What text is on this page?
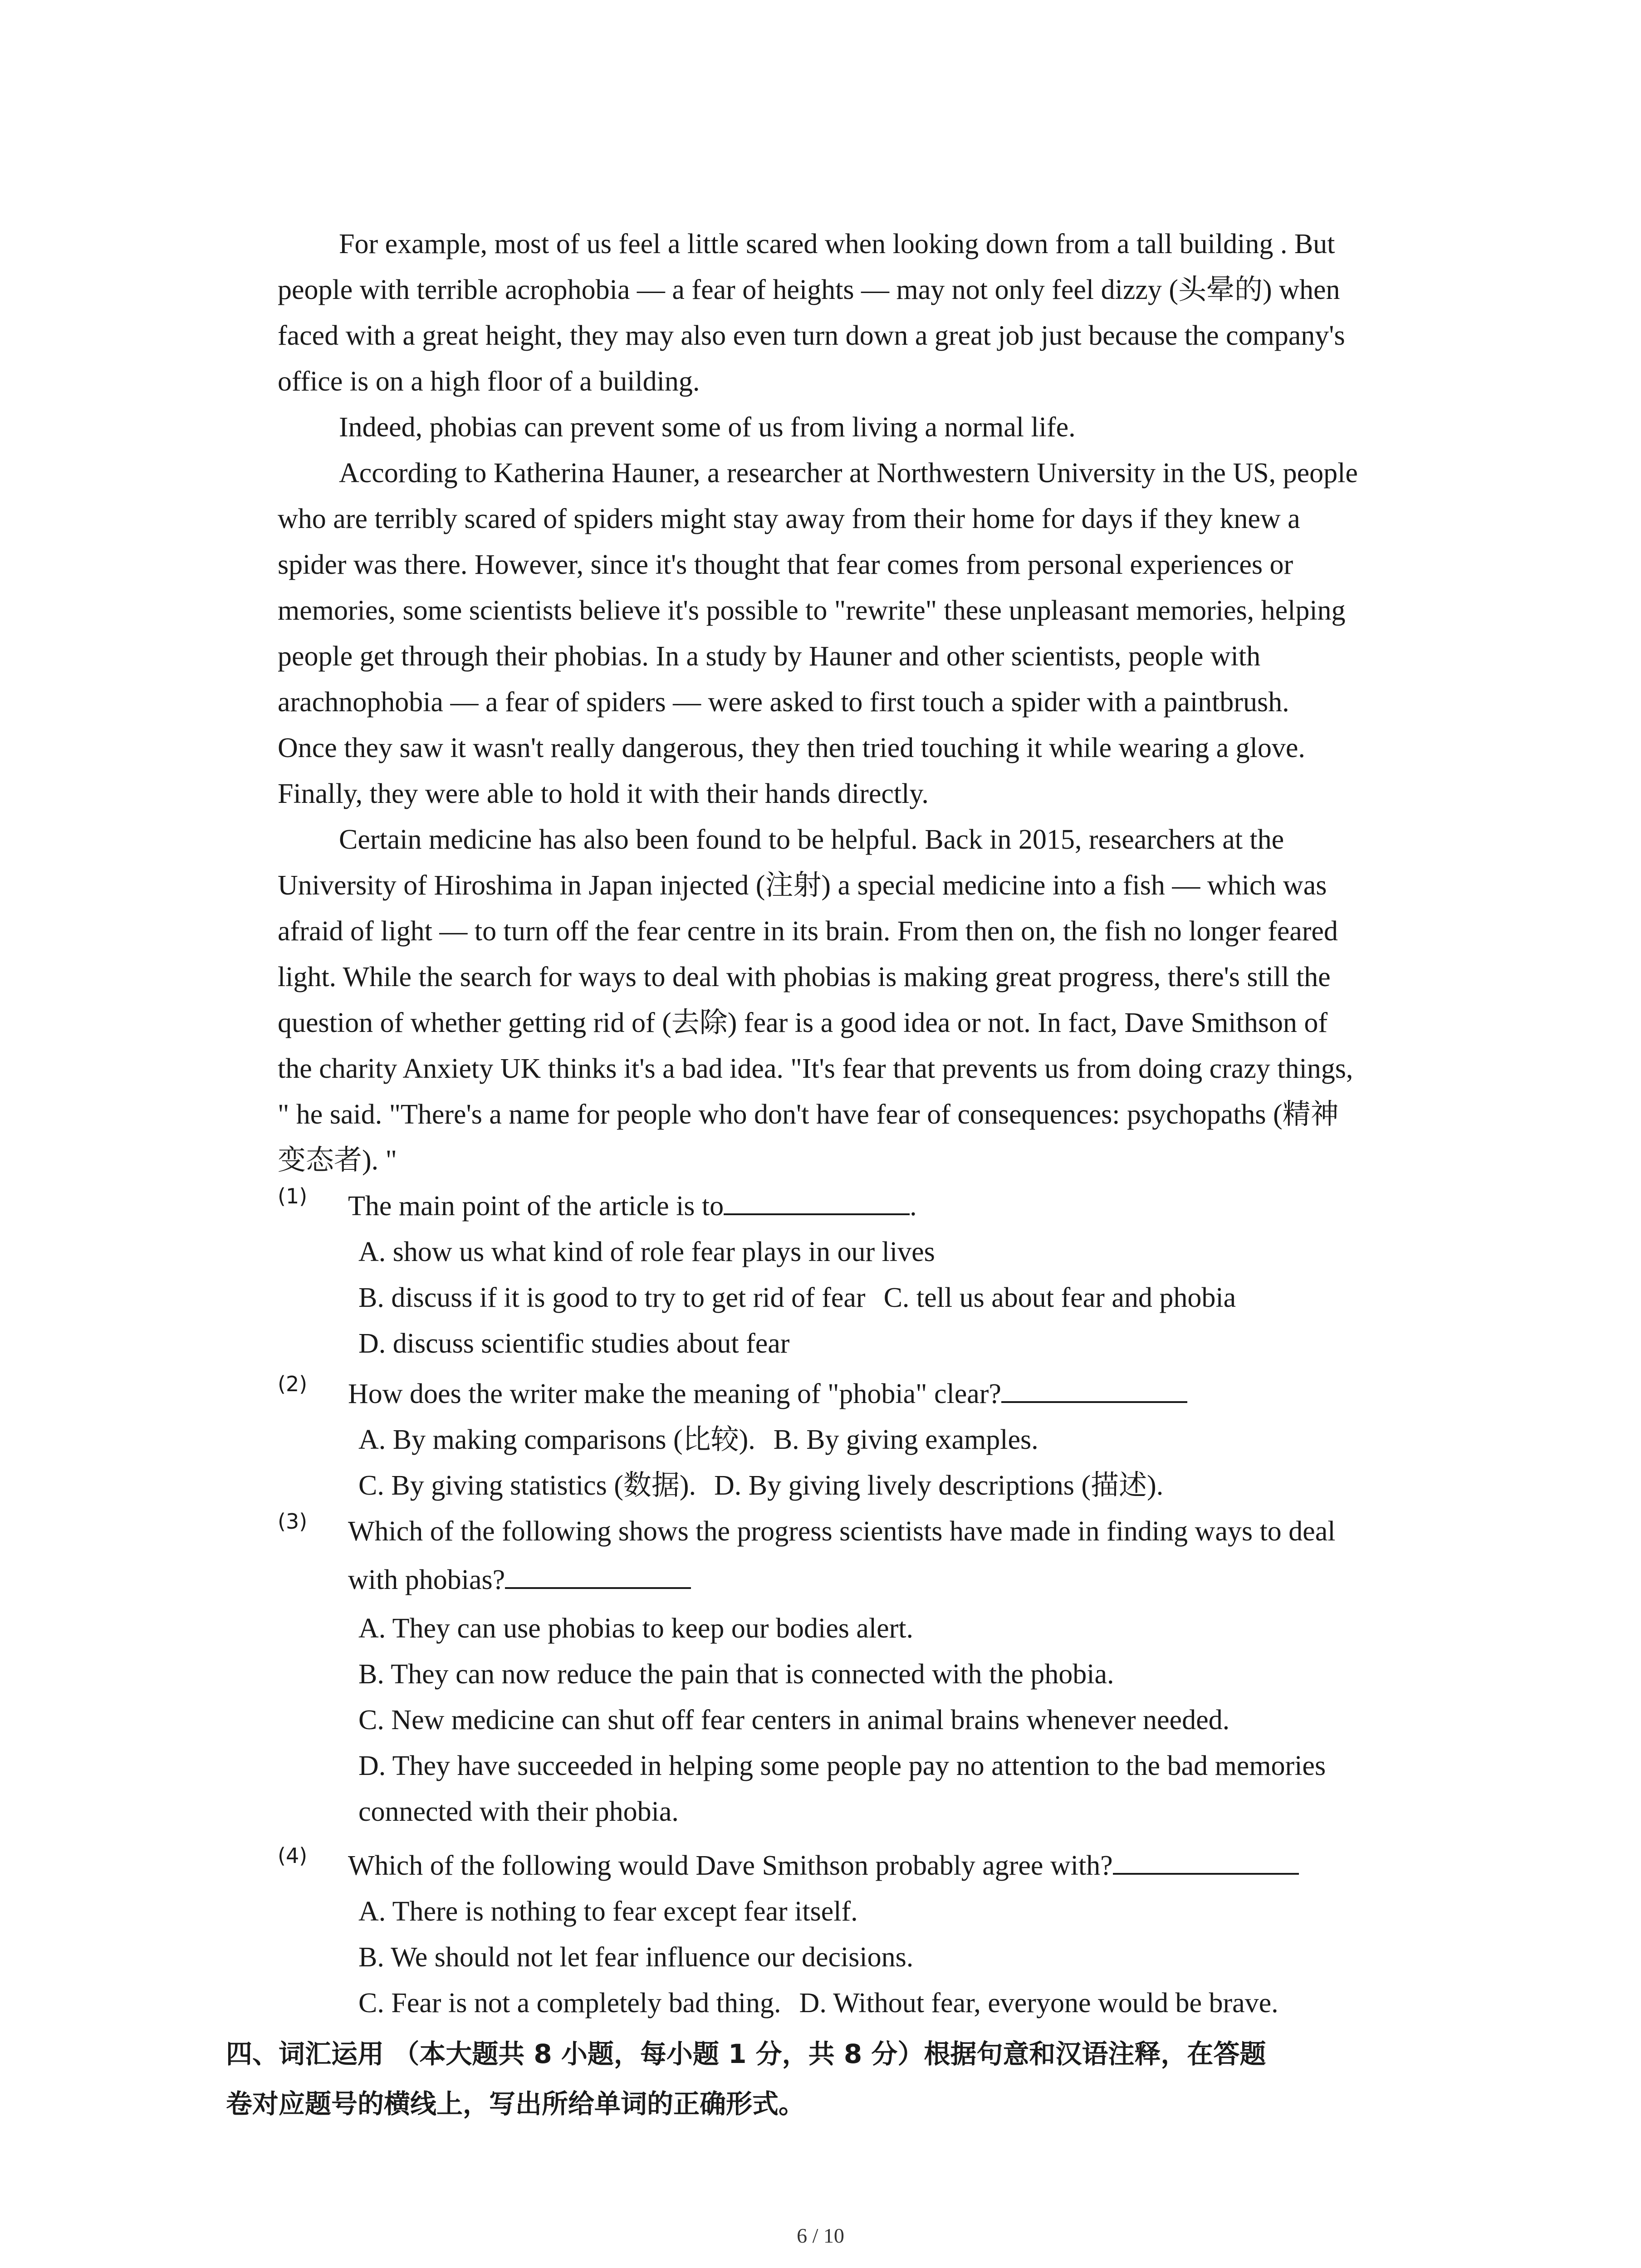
For example, most of us feel a little scared when looking down from a tall building . But
people with terrible acrophobia — a fear of heights — may not only feel dizzy (头晕的) when
faced with a great height, they may also even turn down a great job just because the company's
office is on a high floor of a building.
Indeed, phobias can prevent some of us from living a normal life.
According to Katherina Hauner, a researcher at Northwestern University in the US, people
who are terribly scared of spiders might stay away from their home for days if they knew a
spider was there. However, since it's thought that fear comes from personal experiences or
memories, some scientists believe it's possible to "rewrite" these unpleasant memories, helping
people get through their phobias. In a study by Hauner and other scientists, people with
arachnophobia — a fear of spiders — were asked to first touch a spider with a paintbrush.
Once they saw it wasn't really dangerous, they then tried touching it while wearing a glove.
Finally, they were able to hold it with their hands directly.
Certain medicine has also been found to be helpful. Back in 2015, researchers at the
University of Hiroshima in Japan injected (注射) a special medicine into a fish — which was
afraid of light — to turn off the fear centre in its brain. From then on, the fish no longer feared
light. While the search for ways to deal with phobias is making great progress, there's still the
question of whether getting rid of (去除) fear is a good idea or not. In fact, Dave Smithson of
the charity Anxiety UK thinks it's a bad idea. "It's fear that prevents us from doing crazy things,
" he said. "There's a name for people who don't have fear of consequences: psychopaths (精神
变态者). "
(1) The main point of the article is to	.
A. show us what kind of role fear plays in our lives
B. discuss if it is good to try to get rid of fear C. tell us about fear and phobia
D. discuss scientific studies about fear
(2) How does the writer make the meaning of "phobia" clear?
A. By making comparisons (比较). B. By giving examples.
C. By giving statistics (数据). D. By giving lively descriptions (描述).
(3) Which of the following shows the progress scientists have made in finding ways to deal
with phobias?
A. They can use phobias to keep our bodies alert.
B. They can now reduce the pain that is connected with the phobia.
C. New medicine can shut off fear centers in animal brains whenever needed.
D. They have succeeded in helping some people pay no attention to the bad memories
connected with their phobia.
(4) Which of the following would Dave Smithson probably agree with?
A. There is nothing to fear except fear itself.
B. We should not let fear influence our decisions.
C. Fear is not a completely bad thing. D. Without fear, everyone would be brave.
四、词汇运用 （本大题共 8 小题，每小题 1 分，共 8 分）根据句意和汉语注释，在答题
卷对应题号的横线上，写出所给单词的正确形式。
6 / 10
